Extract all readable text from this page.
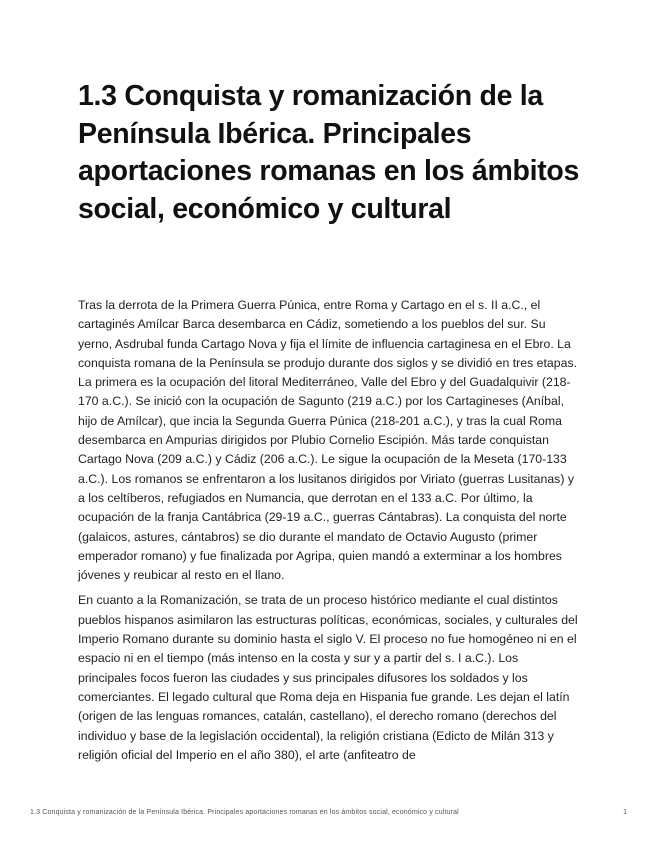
1.3 Conquista y romanización de la Península Ibérica. Principales aportaciones romanas en los ámbitos social, económico y cultural

Tras la derrota de la Primera Guerra Púnica, entre Roma y Cartago en el s. II a.C., el cartaginés Amílcar Barca desembarca en Cádiz, sometiendo a los pueblos del sur. Su yerno, Asdrubal funda Cartago Nova y fija el límite de influencia cartaginesa en el Ebro. La conquista romana de la Península se produjo durante dos siglos y se dividió en tres etapas. La primera es la ocupación del litoral Mediterráneo, Valle del Ebro y del Guadalquivir (218-170 a.C.). Se inició con la ocupación de Sagunto (219 a.C.) por los Cartagineses (Aníbal, hijo de Amílcar), que incia la Segunda Guerra Púnica (218-201 a.C.), y tras la cual Roma desembarca en Ampurias dirigidos por Plubio Cornelio Escipión. Más tarde conquistan Cartago Nova (209 a.C.) y Cádiz (206 a.C.). Le sigue la ocupación de la Meseta (170-133 a.C.). Los romanos se enfrentaron a los lusitanos dirigidos por Viriato (guerras Lusitanas) y a los celtíberos, refugiados en Numancia, que derrotan en el 133 a.C. Por último, la ocupación de la franja Cantábrica (29-19 a.C., guerras Cántabras). La conquista del norte (galaicos, astures, cántabros) se dio durante el mandato de Octavio Augusto (primer emperador romano) y fue finalizada por Agripa, quien mandó a exterminar a los hombres jóvenes y reubicar al resto en el llano.

En cuanto a la Romanización, se trata de un proceso histórico mediante el cual distintos pueblos hispanos asimilaron las estructuras políticas, económicas, sociales, y culturales del Imperio Romano durante su dominio hasta el siglo V. El proceso no fue homogéneo ni en el espacio ni en el tiempo (más intenso en la costa y sur y a partir del s. I a.C.). Los principales focos fueron las ciudades y sus principales difusores los soldados y los comerciantes. El legado cultural que Roma deja en Hispania fue grande. Les dejan el latín (origen de las lenguas romances, catalán, castellano), el derecho romano (derechos del individuo y base de la legislación occidental), la religión cristiana (Edicto de Milán 313 y religión oficial del Imperio en el año 380), el arte (anfiteatro de

1.3 Conquista y romanización de la Península Ibérica. Principales aportaciones romanas en los ámbitos social, económico y cultural	1
